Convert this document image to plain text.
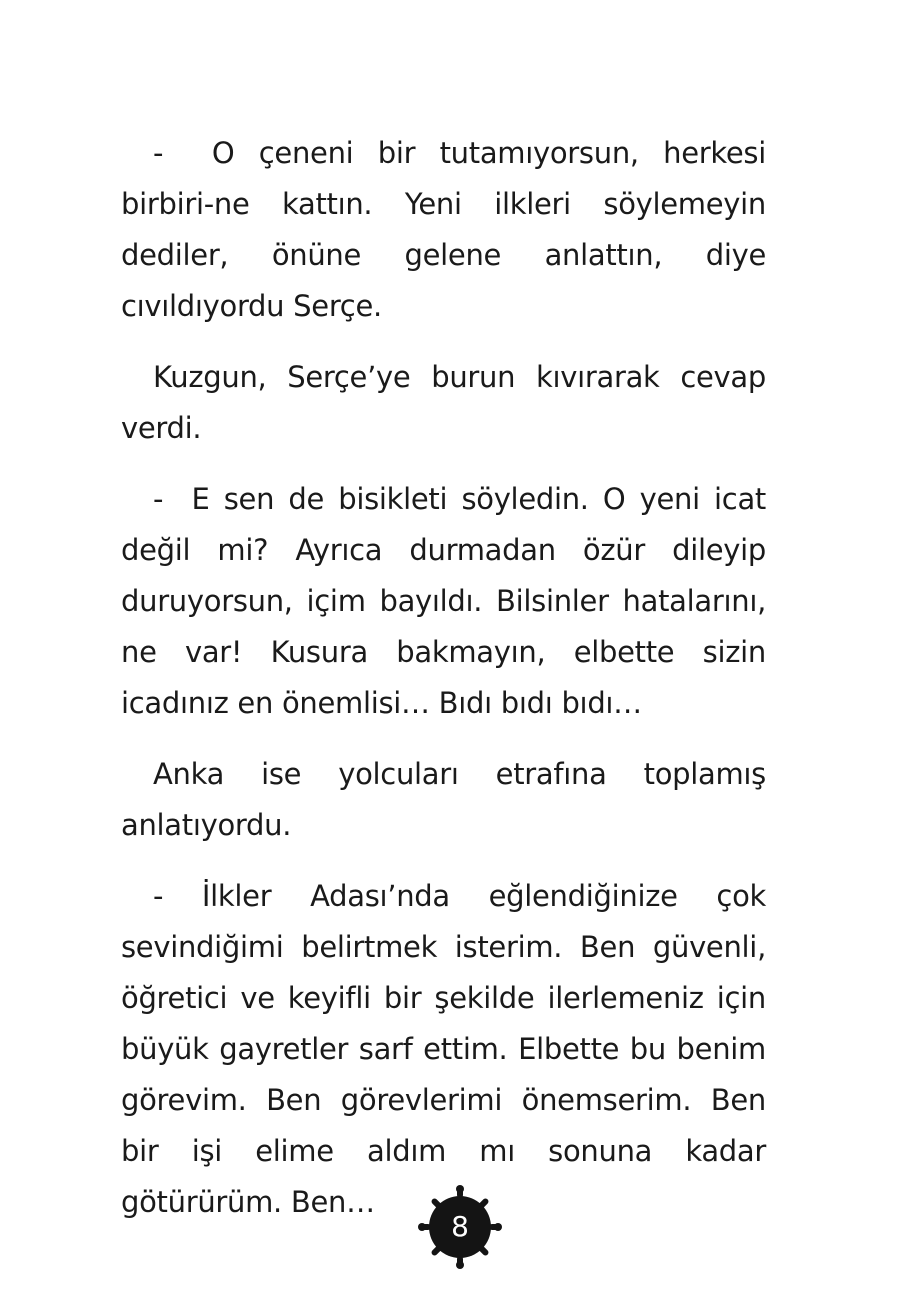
-  O çeneni bir tutamıyorsun, herkesi birbiri-ne kattın. Yeni ilkleri söylemeyin dediler, önüne gelene anlattın, diye cıvıldıyordu Serçe.

Kuzgun, Serçe’ye burun kıvırarak cevap verdi.

-  E sen de bisikleti söyledin. O yeni icat değil mi? Ayrıca durmadan özür dileyip duruyorsun, içim bayıldı. Bilsinler hatalarını, ne var! Kusura bakmayın, elbette sizin icadınız en önemlisi… Bıdı bıdı bıdı…

Anka ise yolcuları etrafına toplamış anlatıyordu.

- İlkler Adası’nda eğlendiğinize çok sevindiğimi belirtmek isterim. Ben güvenli, öğretici ve keyifli bir şekilde ilerlemeniz için büyük gayretler sarf ettim. Elbette bu benim görevim. Ben görevlerimi önemserim. Ben bir işi elime aldım mı sonuna kadar götürürüm. Ben…

8
